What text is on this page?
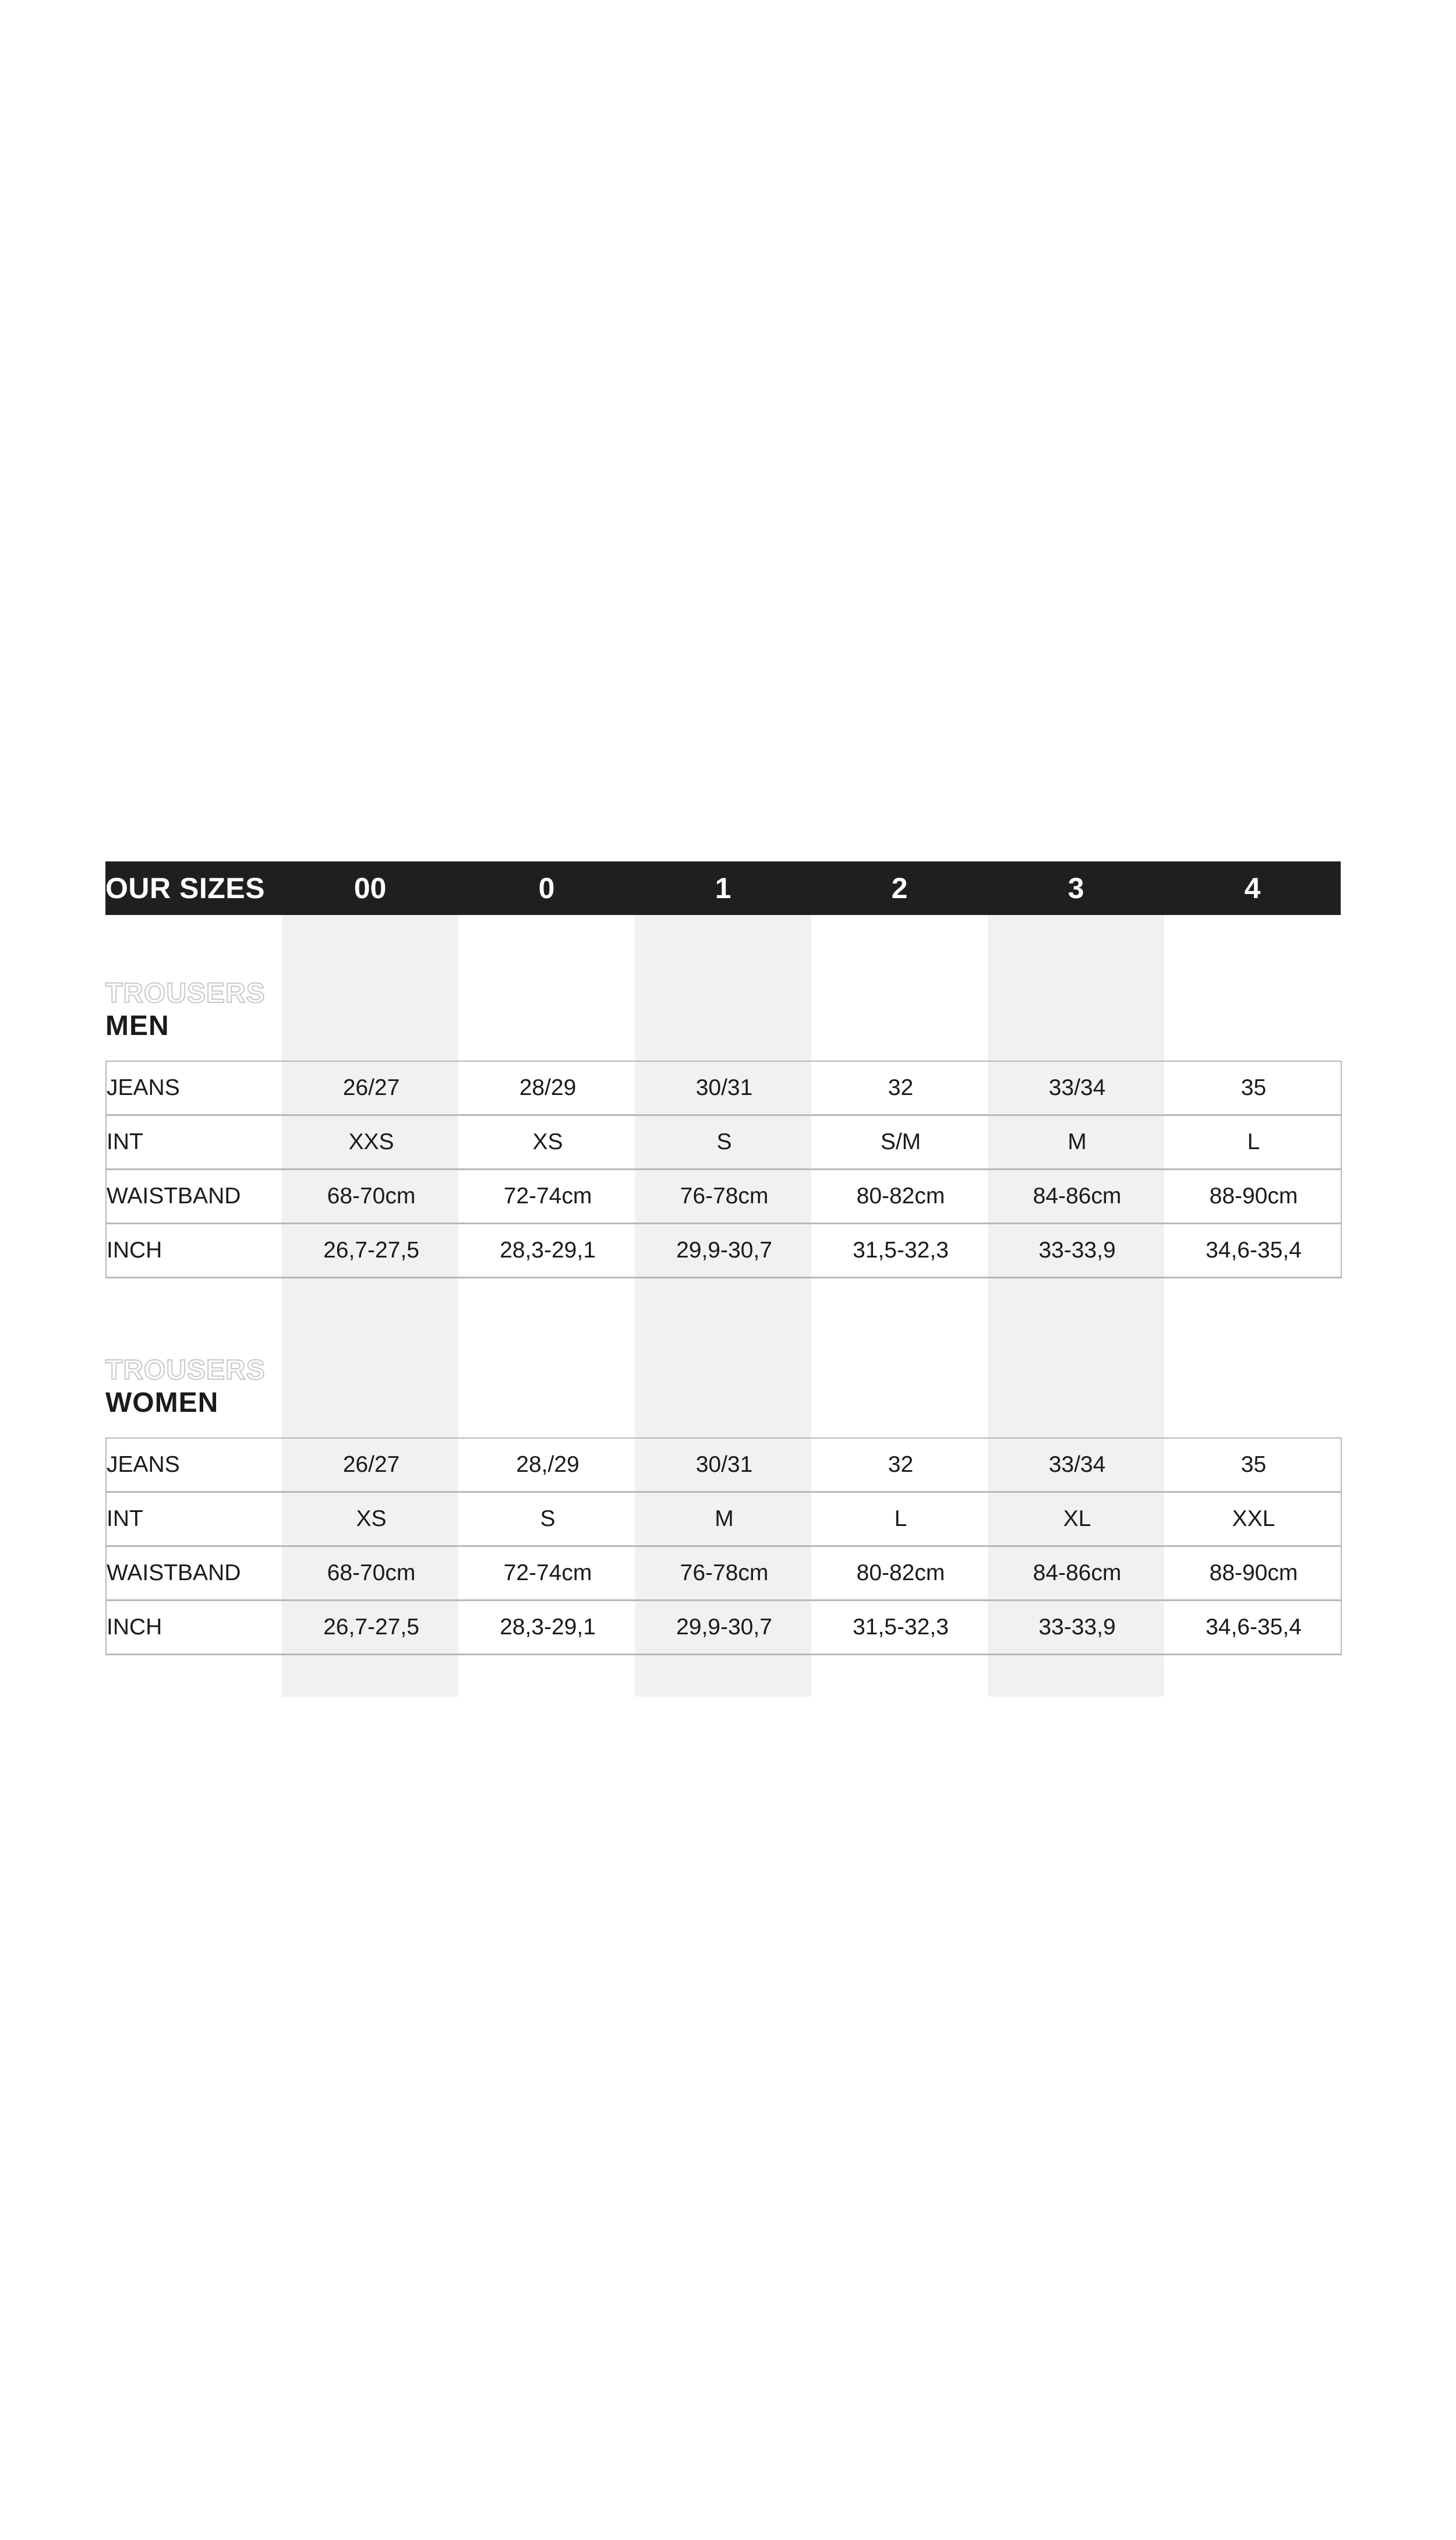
OUR SIZES	00	0	1	2	3	4
TROUSERS
MEN
JEANS	26/27	28/29	30/31	32	33/34	35
INT	XXS	XS	S	S/M	M	L
WAISTBAND	68-70cm	72-74cm	76-78cm	80-82cm	84-86cm	88-90cm
INCH	26,7-27,5	28,3-29,1	29,9-30,7	31,5-32,3	33-33,9	34,6-35,4
TROUSERS
WOMEN
JEANS	26/27	28,/29	30/31	32	33/34	35
INT	XS	S	M	L	XL	XXL
WAISTBAND	68-70cm	72-74cm	76-78cm	80-82cm	84-86cm	88-90cm
INCH	26,7-27,5	28,3-29,1	29,9-30,7	31,5-32,3	33-33,9	34,6-35,4
